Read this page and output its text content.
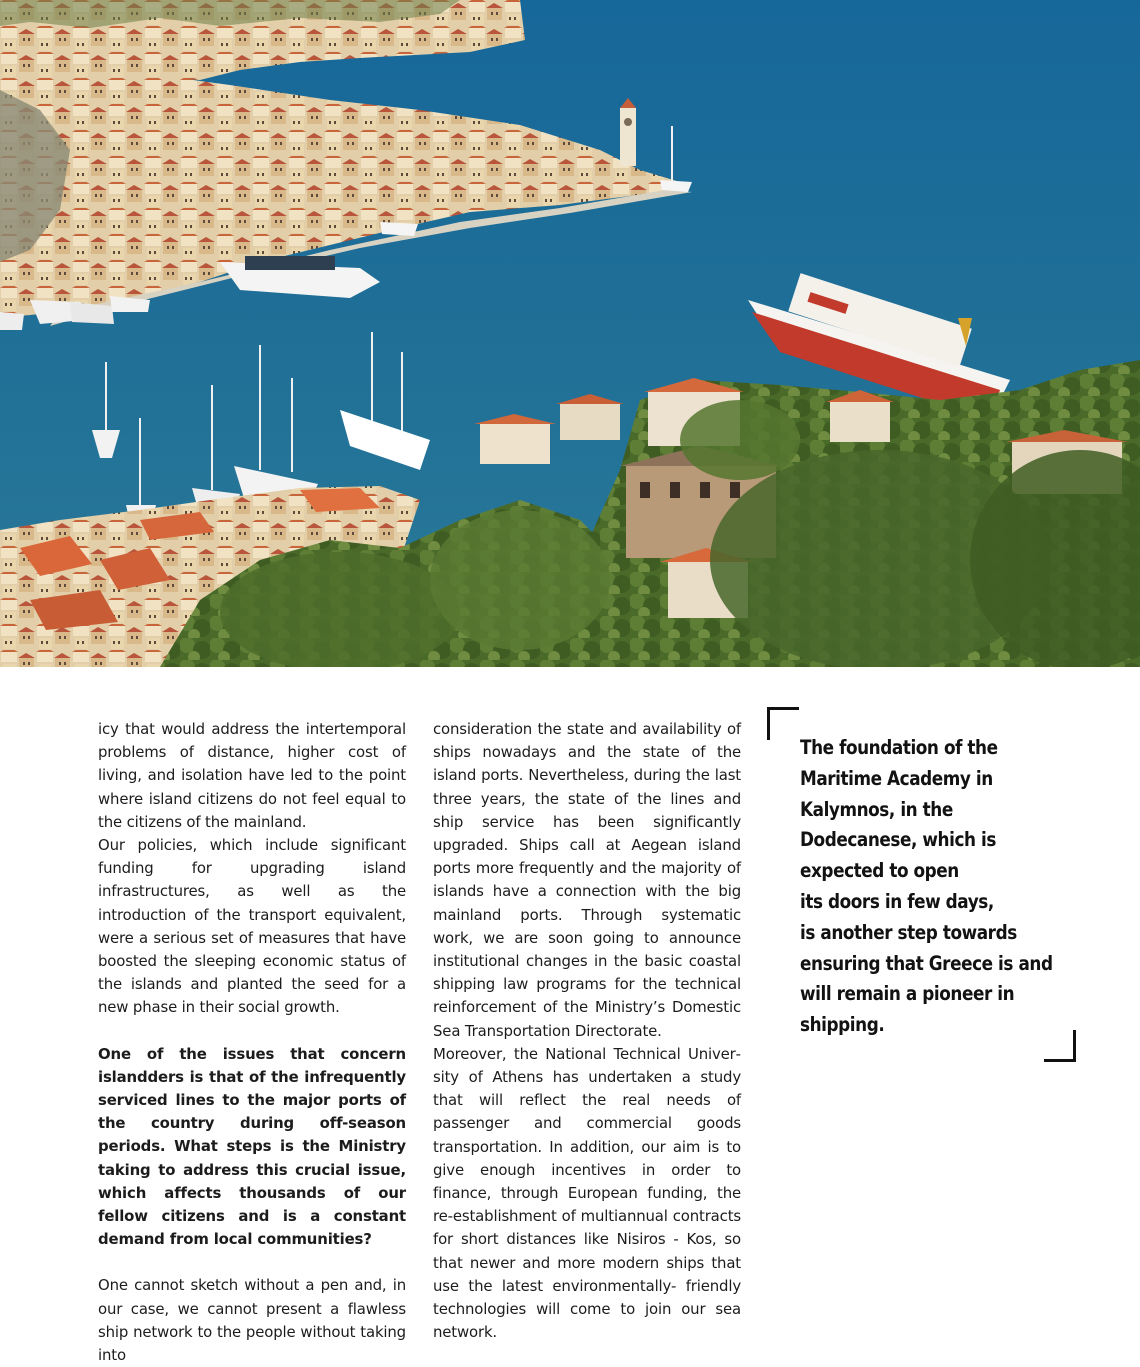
icy that would address the intertemporal problems of distance, higher cost of living, and isolation have led to the point where island citizens do not feel equal to the citizens of the mainland.

Our policies, which include significant funding for upgrading island infrastructures, as well as the introduction of the transport equivalent, were a serious set of measures that have boosted the sleeping economic status of the islands and planted the seed for a new phase in their social growth.

One of the issues that concern islandders is that of the infrequently serviced lines to the major ports of the country during off-season periods. What steps is the Ministry taking to address this crucial issue, which affects thousands of our fellow citizens and is a constant demand from local communities?

One cannot sketch without a pen and, in our case, we cannot present a flawless ship network to the people without taking into

consideration the state and availability of ships nowadays and the state of the island ports. Nevertheless, during the last three years, the state of the lines and ship service has been significantly upgraded. Ships call at Aegean island ports more frequently and the majority of islands have a connection with the big mainland ports. Through systematic work, we are soon going to announce institutional changes in the basic coastal shipping law programs for the technical reinforcement of the Ministry’s Domestic Sea Transportation Directorate.

Moreover, the National Technical University of Athens has undertaken a study that will reflect the real needs of passenger and commercial goods transportation. In addition, our aim is to give enough incentives in order to finance, through European funding, the re-establishment of multiannual contracts for short distances like Nisiros - Kos, so that newer and more modern ships that use the latest environmentally- friendly technologies will come to join our sea network.

The foundation of the
Maritime Academy in
Kalymnos, in the
Dodecanese, which is
expected to open
its doors in few days,
is another step towards
ensuring that Greece is and
will remain a pioneer in
shipping.
